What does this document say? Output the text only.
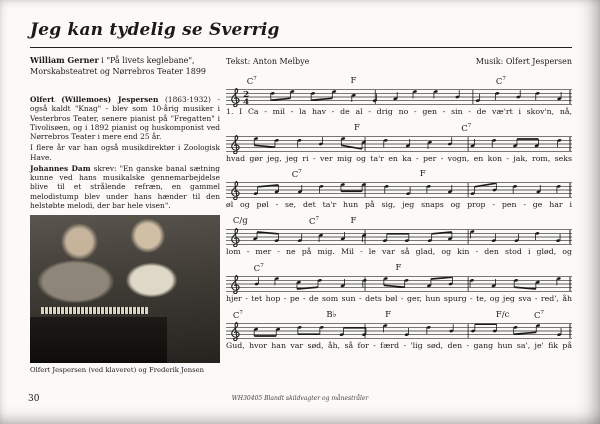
Jeg kan tydelig se Sverrig
William Gerner i "På livets keglebane",
Morskabsteatret og Nørrebros Teater 1899
Tekst: Anton Melbye	Musik: Olfert Jespersen

Olfert (Willemoes) Jespersen (1863-1932) - også kaldt "Knag" - blev som 10-årig musiker i Vesterbros Teater, senere pianist på "Fregatten" i Tivolisøen, og i 1892 pianist og huskomponist ved Nørrebros Teater i mere end 25 år.

I flere år var han også musikdirektør i Zoologisk Have.

Johannes Dam skrev: "En ganske banal sætning kunne ved hans musikalske gennemarbejdelse blive til et strålende refræn, en gammel melodistump blev under hans hænder til den helstøbte melodi, der bar hele visen".

Olfert Jespersen (ved klaveret) og Frederik Jensen
$C^7$	F	$C^7$
2
4
1. I Ca - mil - la hav - de al - drig no - gen - sin - de væ'rt i skov'n, nå,
F	$C^7$
hvad gør jeg, jeg ri - ver mig og ta'r en ka - per - vogn, en kon - jak, rom, seks
$C^7$	F
øl og pøl - se, det ta'r hun på sig, jeg snaps og prop - pen - ge har i
C/g	$C^7$	F
lom - mer - ne på mig. Mil - le var så glad, og kin - den stod i glød, og
$C^7$	F
hjer - tet hop - pe - de som sun - dets bøl - ger, hun spurg - te, og jeg sva - red', åh
$C^7$	B♭	F	F/c	$C^7$
Gud, hvor han var sød, åh, så for - færd - 'lig sød, den - gang hun sa', je' fik på
30	WH30405 Blandt skildvagter og månestråler
